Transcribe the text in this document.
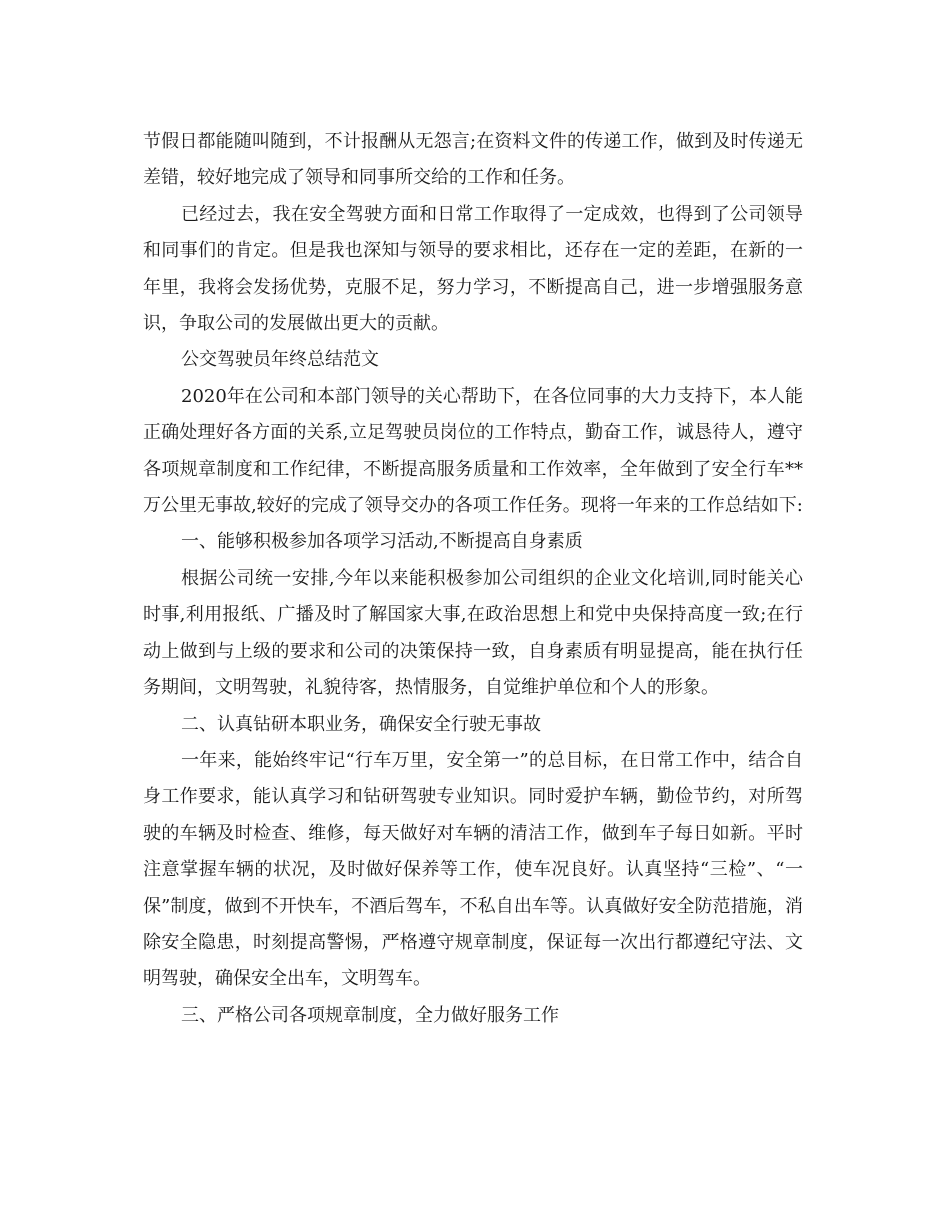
节假日都能随叫随到，不计报酬从无怨言;在资料文件的传递工作，做到及时传递无差错，较好地完成了领导和同事所交给的工作和任务。

已经过去，我在安全驾驶方面和日常工作取得了一定成效，也得到了公司领导和同事们的肯定。但是我也深知与领导的要求相比，还存在一定的差距，在新的一年里，我将会发扬优势，克服不足，努力学习，不断提高自己，进一步增强服务意识，争取公司的发展做出更大的贡献。

公交驾驶员年终总结范文

2020年在公司和本部门领导的关心帮助下，在各位同事的大力支持下，本人能正确处理好各方面的关系,立足驾驶员岗位的工作特点，勤奋工作，诚恳待人，遵守各项规章制度和工作纪律，不断提高服务质量和工作效率，全年做到了安全行车**万公里无事故,较好的完成了领导交办的各项工作任务。现将一年来的工作总结如下:

一、能够积极参加各项学习活动,不断提高自身素质

根据公司统一安排,今年以来能积极参加公司组织的企业文化培训,同时能关心时事,利用报纸、广播及时了解国家大事,在政治思想上和党中央保持高度一致;在行动上做到与上级的要求和公司的决策保持一致，自身素质有明显提高，能在执行任务期间，文明驾驶，礼貌待客，热情服务，自觉维护单位和个人的形象。

二、认真钻研本职业务，确保安全行驶无事故

一年来，能始终牢记“行车万里，安全第一”的总目标，在日常工作中，结合自身工作要求，能认真学习和钻研驾驶专业知识。同时爱护车辆，勤俭节约，对所驾驶的车辆及时检查、维修，每天做好对车辆的清洁工作，做到车子每日如新。平时注意掌握车辆的状况，及时做好保养等工作，使车况良好。认真坚持“三检”、“一保”制度，做到不开快车，不酒后驾车，不私自出车等。认真做好安全防范措施，消除安全隐患，时刻提高警惕，严格遵守规章制度，保证每一次出行都遵纪守法、文明驾驶，确保安全出车，文明驾车。

三、严格公司各项规章制度，全力做好服务工作
